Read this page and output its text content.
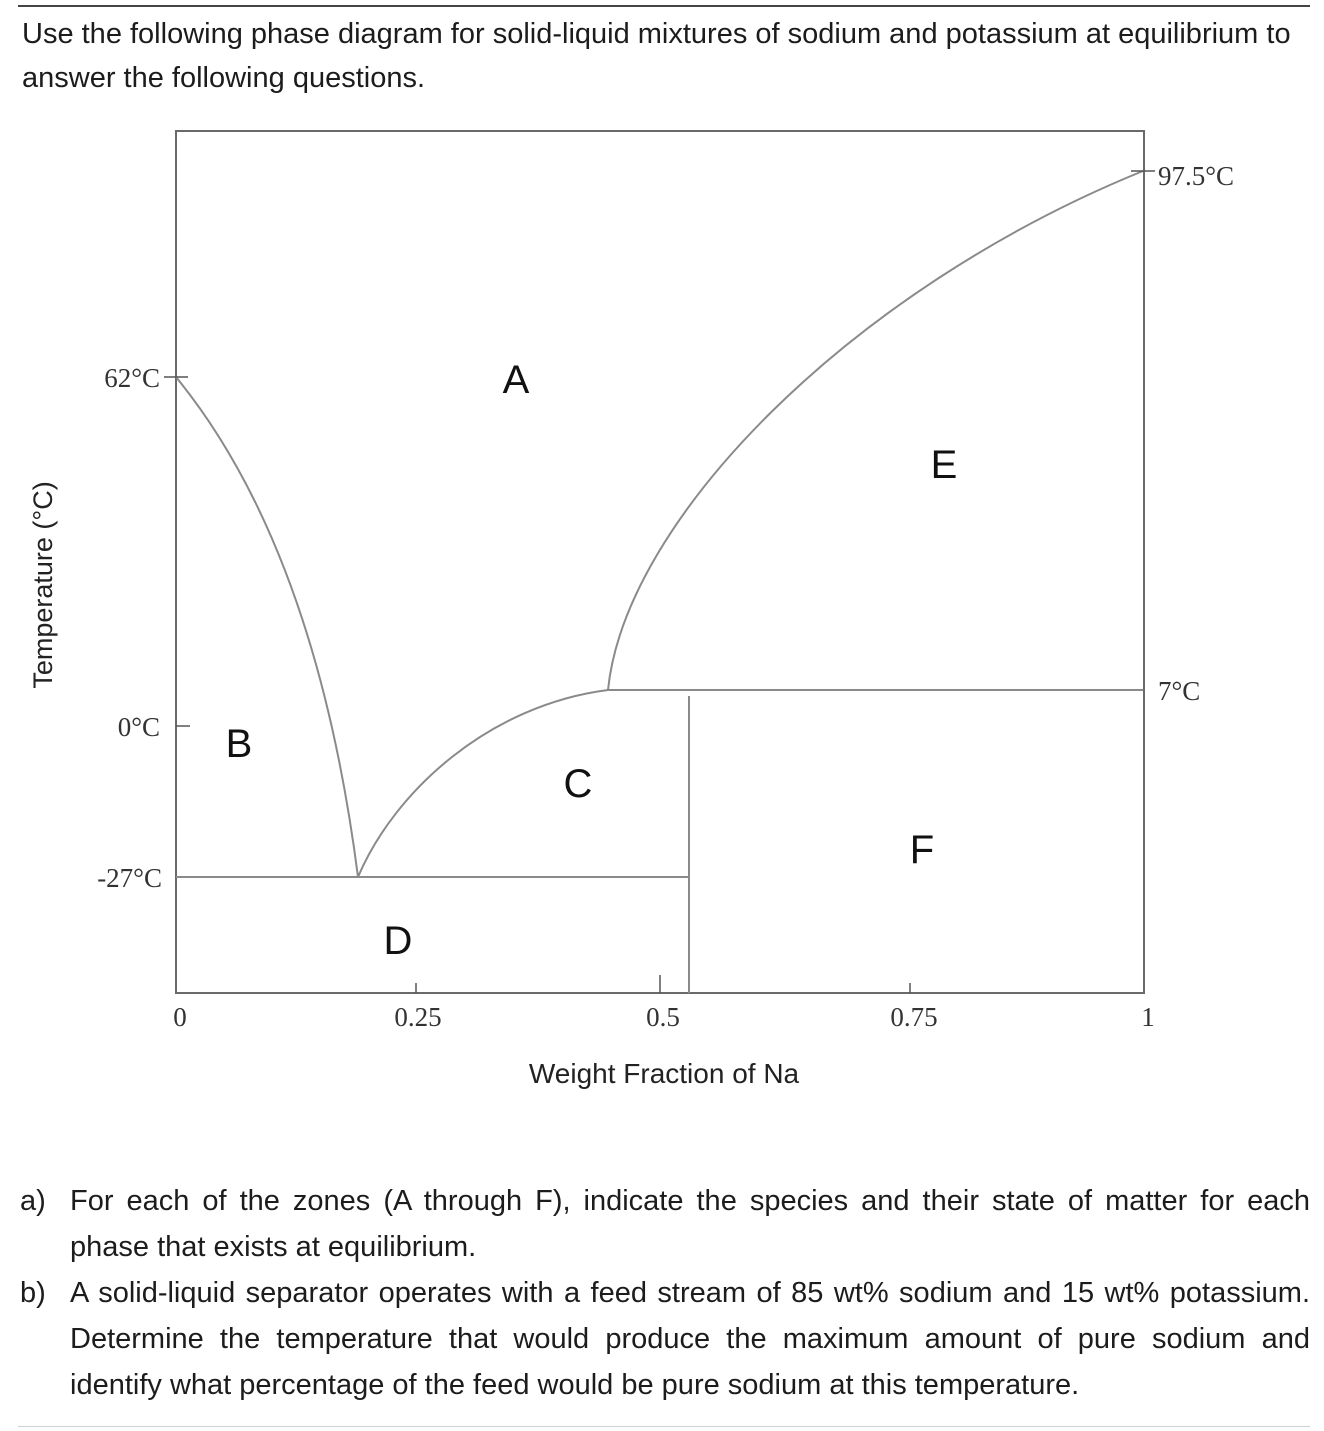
Use the following phase diagram for solid-liquid mixtures of sodium and potassium at equilibrium to answer the following questions.
62°C
0°C
-27°C
97.5°C
7°C
0	0.25	0.5	0.75	1
Weight Fraction of Na
Temperature (°C)
A
B
C
D
E
F
a) For each of the zones (A through F), indicate the species and their state of matter for each phase that exists at equilibrium.
b) A solid-liquid separator operates with a feed stream of 85 wt% sodium and 15 wt% potassium. Determine the temperature that would produce the maximum amount of pure sodium and identify what percentage of the feed would be pure sodium at this temperature.
